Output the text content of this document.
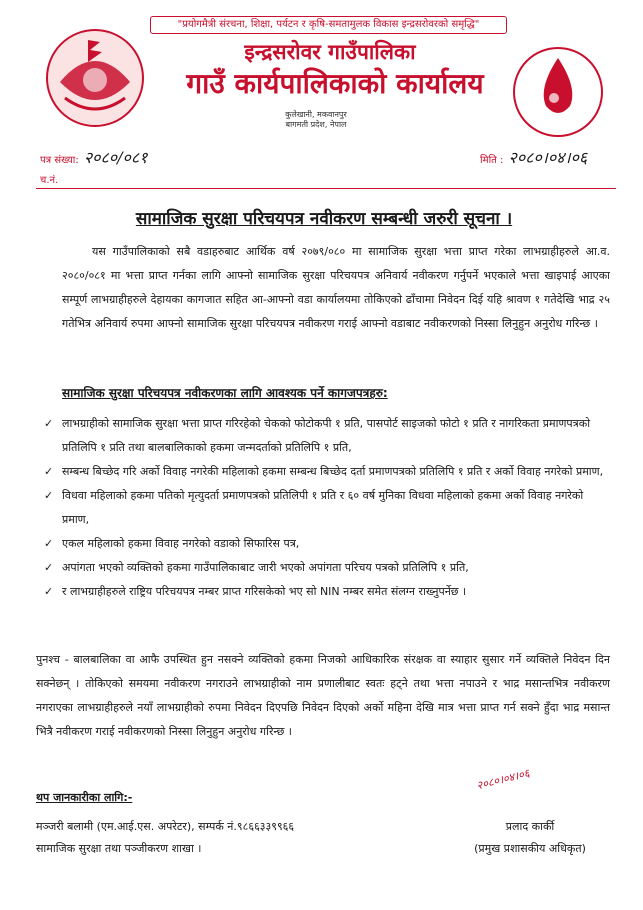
"प्रयोगमैत्री संरचना, शिक्षा, पर्यटन र कृषि-समतामुलक विकास इन्द्रसरोवरको समृद्धि"
इन्द्रसरोवर गाउँपालिका
गाउँ कार्यपालिकाको कार्यालय
कुलेखानी, मकवानपुर
बागमती प्रदेश, नेपाल
पत्र संख्या: २०८०/०८१
च.नं.
मिति : २०८०।०४।०६
सामाजिक सुरक्षा परिचयपत्र नवीकरण सम्बन्धी जरुरी सूचना ।

यस गाउँपालिकाको सबै वडाहरुबाट आर्थिक वर्ष २०७९/०८० मा सामाजिक सुरक्षा भत्ता प्राप्त गरेका लाभग्राहीहरुले आ.व. २०८०/०८१ मा भत्ता प्राप्त गर्नका लागि आफ्नो सामाजिक सुरक्षा परिचयपत्र अनिवार्य नवीकरण गर्नुपर्ने भएकाले भत्ता खाइपाई आएका सम्पूर्ण लाभग्राहीहरुले देहायका कागजात सहित आ-आफ्नो वडा कार्यालयमा तोकिएको ढाँचामा निवेदन दिई यहि श्रावण १ गतेदेखि भाद्र २५ गतेभित्र अनिवार्य रुपमा आफ्नो सामाजिक सुरक्षा परिचयपत्र नवीकरण गराई आफ्नो वडाबाट नवीकरणको निस्सा लिनुहुन अनुरोध गरिन्छ ।

सामाजिक सुरक्षा परिचयपत्र नवीकरणका लागि आवश्यक पर्ने कागजपत्रहरु:
✓ लाभग्राहीको सामाजिक सुरक्षा भत्ता प्राप्त गरिरहेको चेकको फोटोकपी १ प्रति, पासपोर्ट साइजको फोटो १ प्रति र नागरिकता प्रमाणपत्रको प्रतिलिपि १ प्रति तथा बालबालिकाको हकमा जन्मदर्ताको प्रतिलिपि १ प्रति,
✓ सम्बन्ध बिच्छेद गरि अर्को विवाह नगरेकी महिलाको हकमा सम्बन्ध बिच्छेद दर्ता प्रमाणपत्रको प्रतिलिपि १ प्रति र अर्को विवाह नगरेको प्रमाण,
✓ विधवा महिलाको हकमा पतिको मृत्युदर्ता प्रमाणपत्रको प्रतिलिपी १ प्रति र ६० वर्ष मुनिका विधवा महिलाको हकमा अर्को विवाह नगरेको प्रमाण,
✓ एकल महिलाको हकमा विवाह नगरेको वडाको सिफारिस पत्र,
✓ अपांगता भएको व्यक्तिको हकमा गाउँपालिकाबाट जारी भएको अपांगता परिचय पत्रको प्रतिलिपि १ प्रति,
✓ र लाभग्राहीहरुले राष्ट्रिय परिचयपत्र नम्बर प्राप्त गरिसकेको भए सो NIN नम्बर समेत संलग्न राख्नुपर्नेछ ।

पुनश्च - बालबालिका वा आफै उपस्थित हुन नसक्ने व्यक्तिको हकमा निजको आधिकारिक संरक्षक वा स्याहार सुसार गर्ने व्यक्तिले निवेदन दिन सक्नेछन् । तोकिएको समयमा नवीकरण नगराउने लाभग्राहीको नाम प्रणालीबाट स्वतः हट्ने तथा भत्ता नपाउने र भाद्र मसान्तभित्र नवीकरण नगराएका लाभग्राहीहरुले नयाँ लाभग्राहीको रुपमा निवेदन दिएपछि निवेदन दिएको अर्को महिना देखि मात्र भत्ता प्राप्त गर्न सक्ने हुँदा भाद्र मसान्त भित्रै नवीकरण गराई नवीकरणको निस्सा लिनुहुन अनुरोध गरिन्छ ।

थप जानकारीका लागि:-
मञ्जरी बलामी (एम.आई.एस. अपरेटर), सम्पर्क नं.९८६६३३९९६६
सामाजिक सुरक्षा तथा पञ्जीकरण शाखा ।
२०८०।०४।०६
प्रलाद कार्की
(प्रमुख प्रशासकीय अधिकृत)
